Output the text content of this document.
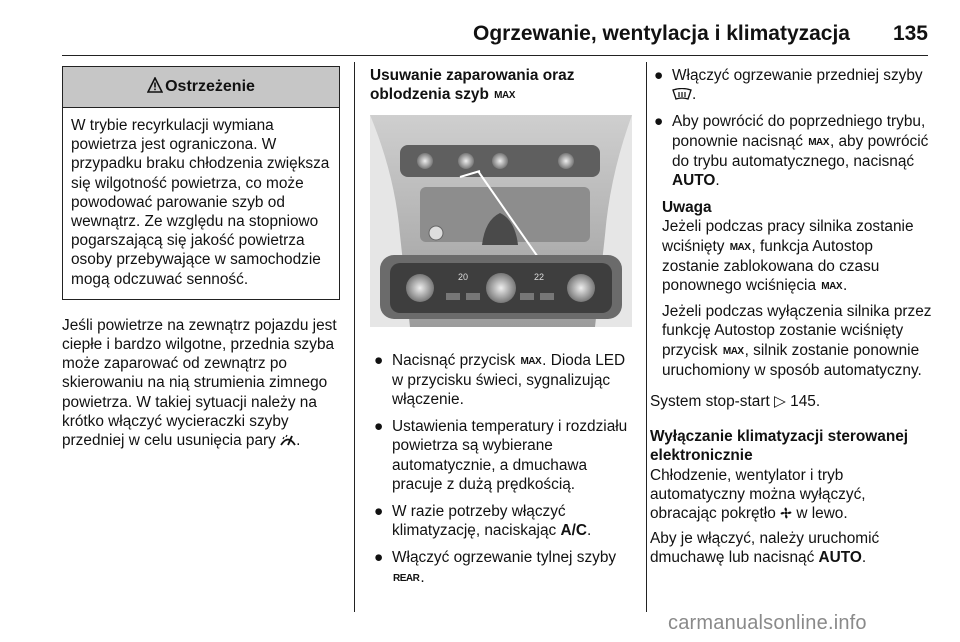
Ogrzewanie, wentylacja i klimatyzacja	135
Ostrzeżenie
W trybie recyrkulacji wymiana powietrza jest ograniczona. W przypadku braku chłodzenia zwiększa się wilgotność powietrza, co może powodować parowanie szyb od wewnątrz. Ze względu na stopniowo pogarszającą się jakość powietrza osoby przebywające w samochodzie mogą odczuwać senność.

Jeśli powietrze na zewnątrz pojazdu jest ciepłe i bardzo wilgotne, przednia szyba może zaparować od zewnątrz po skierowaniu na nią strumienia zimnego powietrza. W takiej sytuacji należy na krótko włączyć wycieraczki szyby przedniej w celu usunięcia pary .

Usuwanie zaparowania oraz oblodzenia szyb MAX
20	22
● Nacisnąć przycisk MAX. Dioda LED w przycisku świeci, sygnalizując włączenie.
● Ustawienia temperatury i rozdziału powietrza są wybierane automatycznie, a dmuchawa pracuje z dużą prędkością.
● W razie potrzeby włączyć klimatyzację, naciskając A/C.
● Włączyć ogrzewanie tylnej szyby REAR.
● Włączyć ogrzewanie przedniej szyby .
● Aby powrócić do poprzedniego trybu, ponownie nacisnąć MAX, aby powrócić do trybu automatycznego, nacisnąć AUTO.
Uwaga

Jeżeli podczas pracy silnika zostanie wciśnięty MAX, funkcja Autostop zostanie zablokowana do czasu ponownego wciśnięcia MAX.

Jeżeli podczas wyłączenia silnika przez funkcję Autostop zostanie wciśnięty przycisk MAX, silnik zostanie ponownie uruchomiony w sposób automatyczny.

System stop-start ▷ 145.

Wyłączanie klimatyzacji sterowanej elektronicznie

Chłodzenie, wentylator i tryb automatyczny można wyłączyć, obracając pokrętło w lewo.

Aby je włączyć, należy uruchomić dmuchawę lub nacisnąć AUTO.

carmanualsonline.info
